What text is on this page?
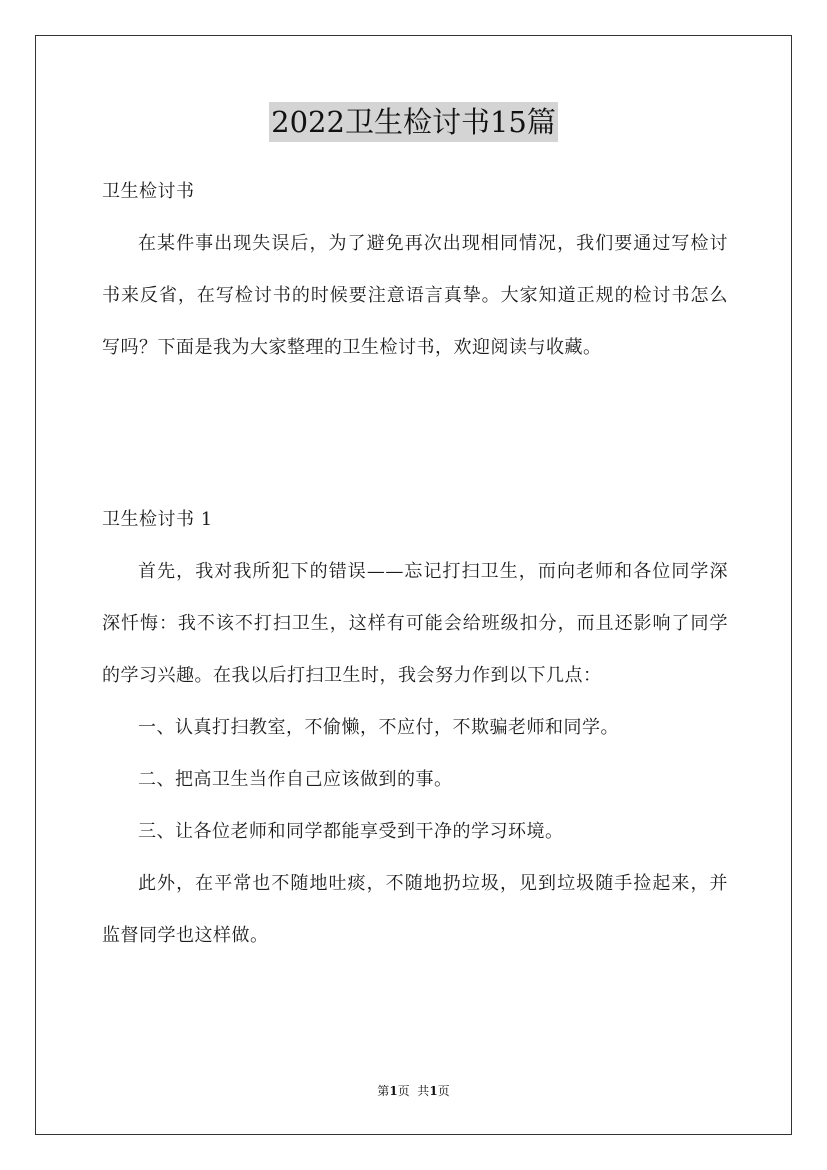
2022卫生检讨书15篇

卫生检讨书

在某件事出现失误后，为了避免再次出现相同情况，我们要通过写检讨书来反省，在写检讨书的时候要注意语言真挚。大家知道正规的检讨书怎么写吗？下面是我为大家整理的卫生检讨书，欢迎阅读与收藏。

卫生检讨书 1

首先，我对我所犯下的错误——忘记打扫卫生，而向老师和各位同学深深忏悔：我不该不打扫卫生，这样有可能会给班级扣分，而且还影响了同学的学习兴趣。在我以后打扫卫生时，我会努力作到以下几点：

一、认真打扫教室，不偷懒，不应付，不欺骗老师和同学。

二、把高卫生当作自己应该做到的事。

三、让各位老师和同学都能享受到干净的学习环境。

此外，在平常也不随地吐痰，不随地扔垃圾，见到垃圾随手捡起来，并监督同学也这样做。

第1页  共1页
